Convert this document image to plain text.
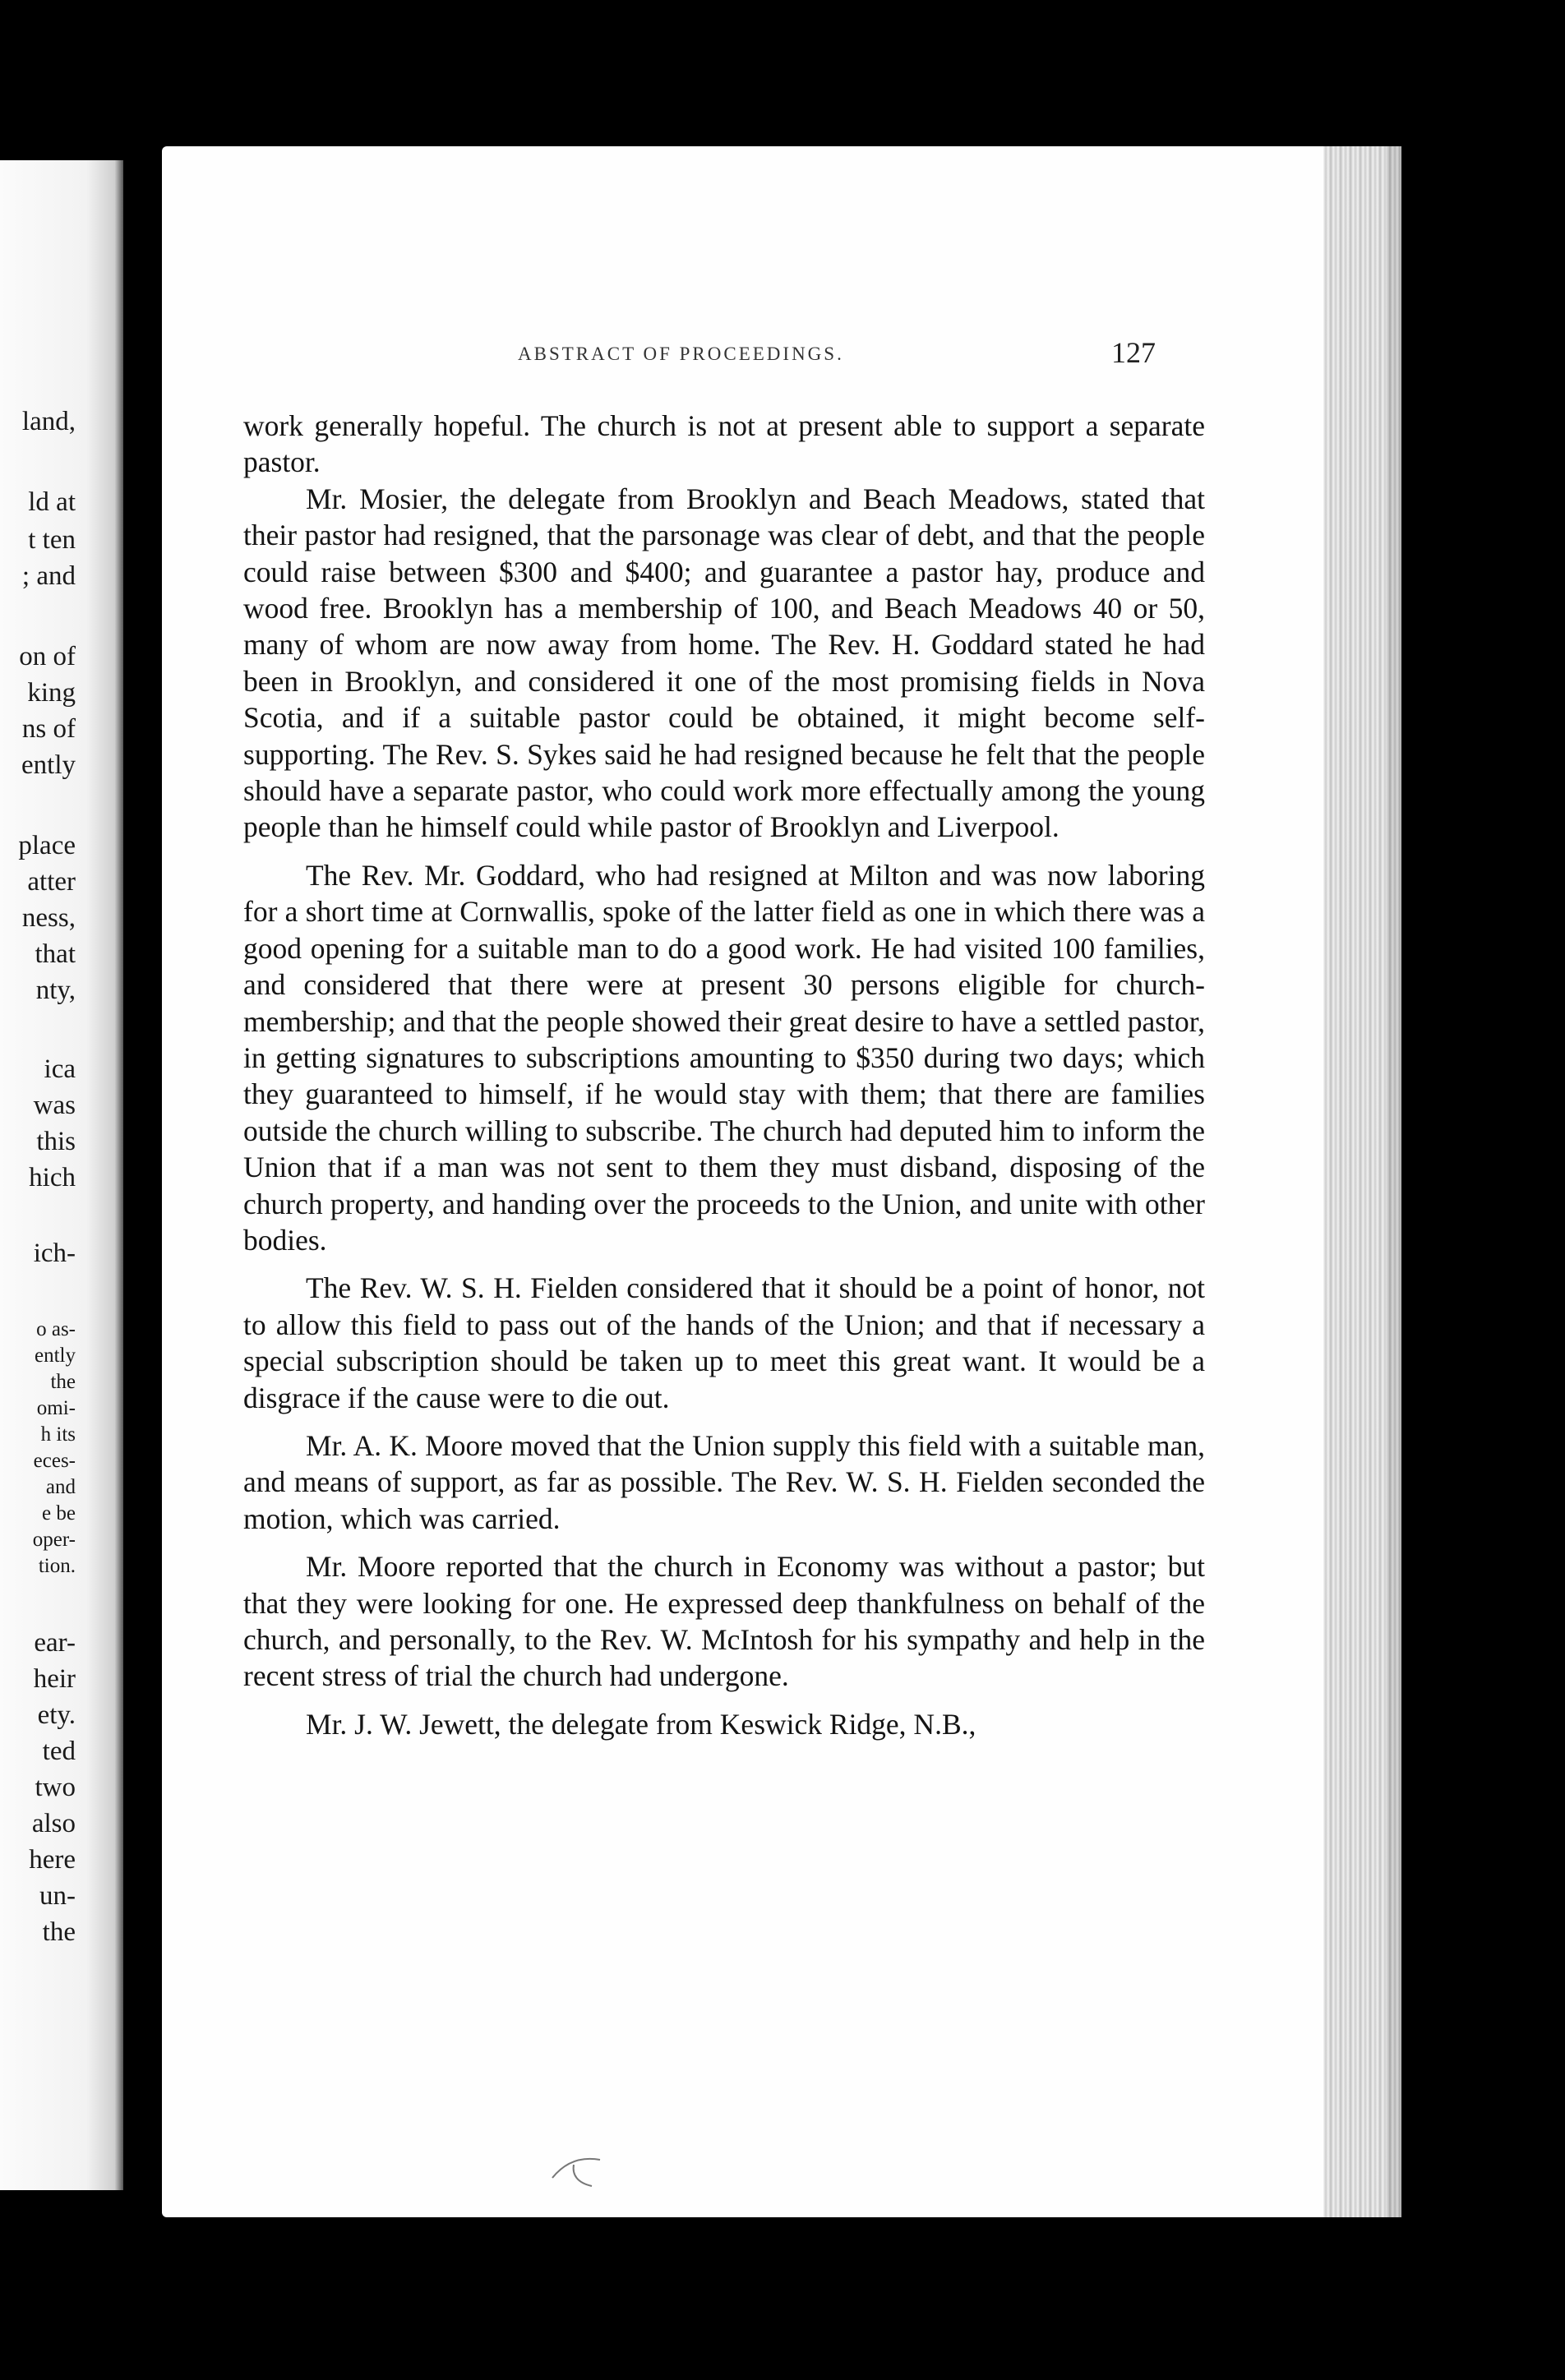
land,
ld at
t ten
; and
on of
king
ns of
ently
place
atter
ness,
that
nty,
ica
was
this
hich
ich-
o as-
ently
the
omi-
h its
eces-
and
e be
oper-
tion.
ear-
heir
ety.
ted
two
also
here
un-
the
ABSTRACT OF PROCEEDINGS.	127

work generally hopeful. The church is not at present able to support a separate pastor.

Mr. Mosier, the delegate from Brooklyn and Beach Meadows, stated that their pastor had resigned, that the parsonage was clear of debt, and that the people could raise between $300 and $400; and guarantee a pastor hay, produce and wood free. Brooklyn has a membership of 100, and Beach Meadows 40 or 50, many of whom are now away from home. The Rev. H. Goddard stated he had been in Brooklyn, and considered it one of the most promising fields in Nova Scotia, and if a suitable pastor could be obtained, it might become self-supporting. The Rev. S. Sykes said he had resigned because he felt that the people should have a separate pastor, who could work more effectually among the young people than he himself could while pastor of Brooklyn and Liverpool.

The Rev. Mr. Goddard, who had resigned at Milton and was now laboring for a short time at Cornwallis, spoke of the latter field as one in which there was a good opening for a suitable man to do a good work. He had visited 100 families, and considered that there were at present 30 persons eligible for church-membership; and that the people showed their great desire to have a settled pastor, in getting signatures to subscriptions amounting to $350 during two days; which they guaranteed to himself, if he would stay with them; that there are families outside the church willing to subscribe. The church had deputed him to inform the Union that if a man was not sent to them they must disband, disposing of the church property, and handing over the proceeds to the Union, and unite with other bodies.

The Rev. W. S. H. Fielden considered that it should be a point of honor, not to allow this field to pass out of the hands of the Union; and that if necessary a special subscription should be taken up to meet this great want. It would be a disgrace if the cause were to die out.

Mr. A. K. Moore moved that the Union supply this field with a suitable man, and means of support, as far as possible. The Rev. W. S. H. Fielden seconded the motion, which was carried.

Mr. Moore reported that the church in Economy was without a pastor; but that they were looking for one. He expressed deep thankfulness on behalf of the church, and personally, to the Rev. W. McIntosh for his sympathy and help in the recent stress of trial the church had undergone.

Mr. J. W. Jewett, the delegate from Keswick Ridge, N.B.,
